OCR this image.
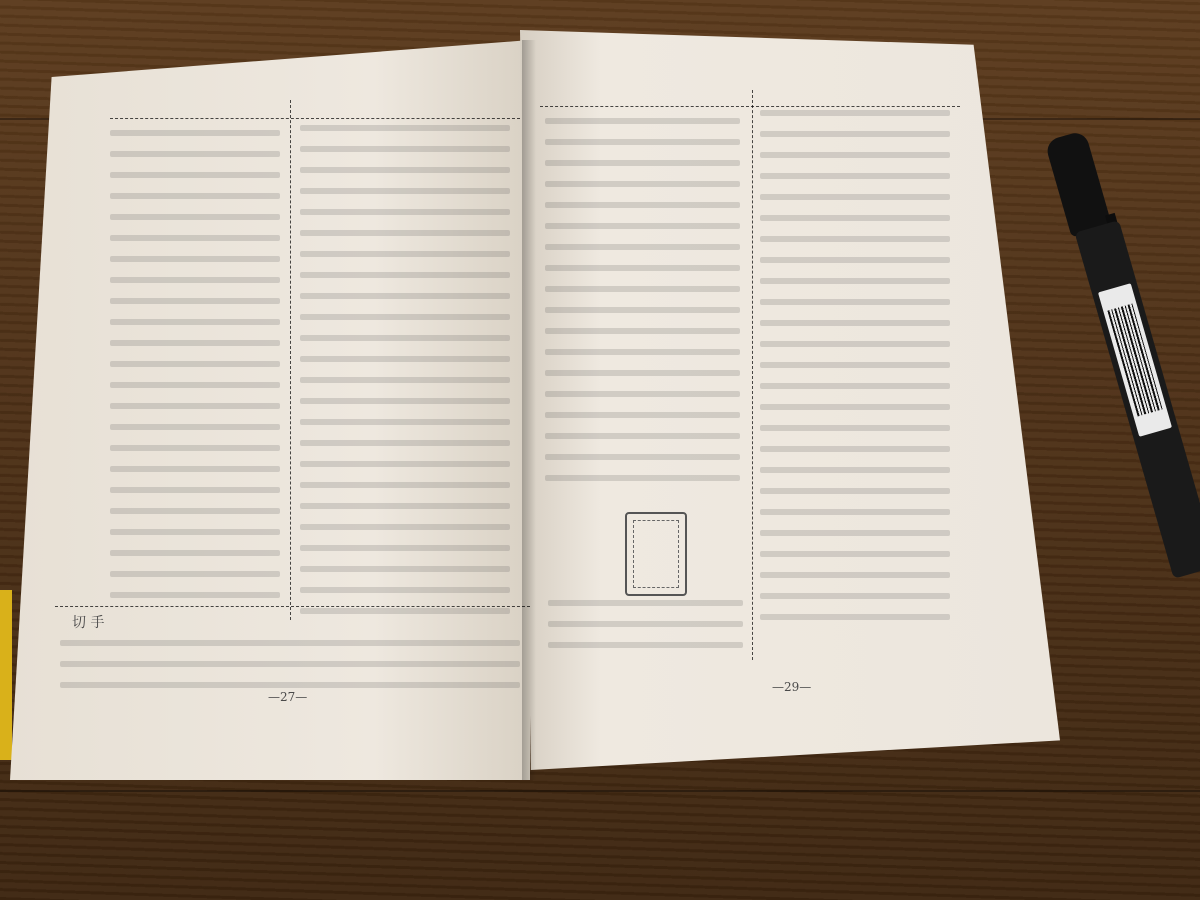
切 手
—27—
—29—
